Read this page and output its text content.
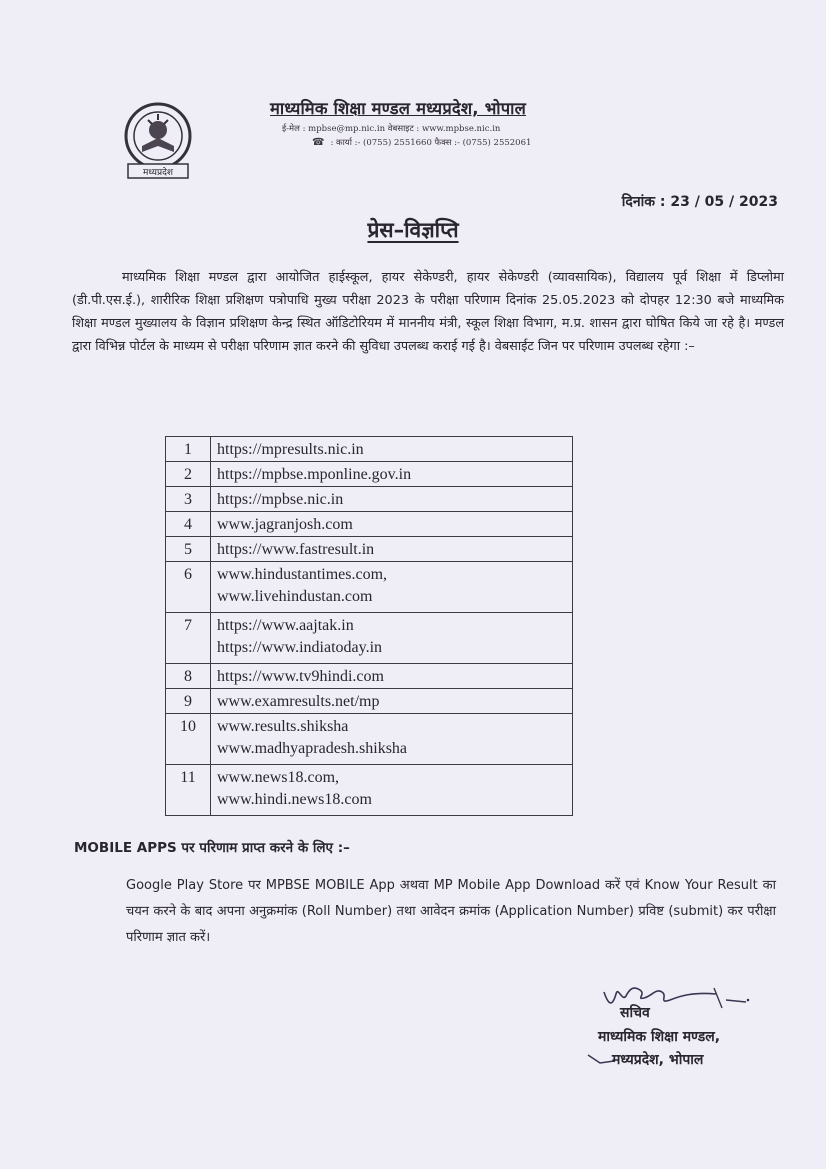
मध्यप्रदेश
माध्यमिक शिक्षा मण्डल मध्यप्रदेश, भोपाल
ई-मेल : mpbse@mp.nic.in वेबसाइट : www.mpbse.nic.in
☎ : कार्या :- (0755) 2551660 फैक्स :- (0755) 2552061
दिनांक : 23 / 05 / 2023
प्रेस–विज्ञप्ति
माध्यमिक शिक्षा मण्डल द्वारा आयोजित हाईस्कूल, हायर सेकेण्डरी, हायर सेकेण्डरी (व्यावसायिक), विद्यालय पूर्व शिक्षा में डिप्लोमा (डी.पी.एस.ई.), शारीरिक शिक्षा प्रशिक्षण पत्रोपाधि मुख्य परीक्षा 2023 के परीक्षा परिणाम दिनांक 25.05.2023 को दोपहर 12:30 बजे माध्यमिक शिक्षा मण्डल मुख्यालय के विज्ञान प्रशिक्षण केन्द्र स्थित ऑडिटोरियम में माननीय मंत्री, स्कूल शिक्षा विभाग, म.प्र. शासन द्वारा घोषित किये जा रहे है। मण्डल द्वारा विभिन्न पोर्टल के माध्यम से परीक्षा परिणाम ज्ञात करने की सुविधा उपलब्ध कराई गई है। वेबसाईट जिन पर परिणाम उपलब्ध रहेगा :–
1	https://mpresults.nic.in

2	https://mpbse.mponline.gov.in

3	https://mpbse.nic.in

4	www.jagranjosh.com

5	https://www.fastresult.in

6	www.hindustantimes.com,
www.livehindustan.com

7	https://www.aajtak.in
https://www.indiatoday.in

8	https://www.tv9hindi.com

9	www.examresults.net/mp

10	www.results.shiksha
www.madhyapradesh.shiksha

11	www.news18.com,
www.hindi.news18.com
MOBILE APPS पर परिणाम प्राप्त करने के लिए :–
Google Play Store पर MPBSE MOBILE App अथवा MP Mobile App Download करें एवं Know Your Result का चयन करने के बाद अपना अनुक्रमांक (Roll Number) तथा आवेदन क्रमांक (Application Number) प्रविष्ट (submit) कर परीक्षा परिणाम ज्ञात करें।
सचिव
माध्यमिक शिक्षा मण्डल,
मध्यप्रदेश, भोपाल
